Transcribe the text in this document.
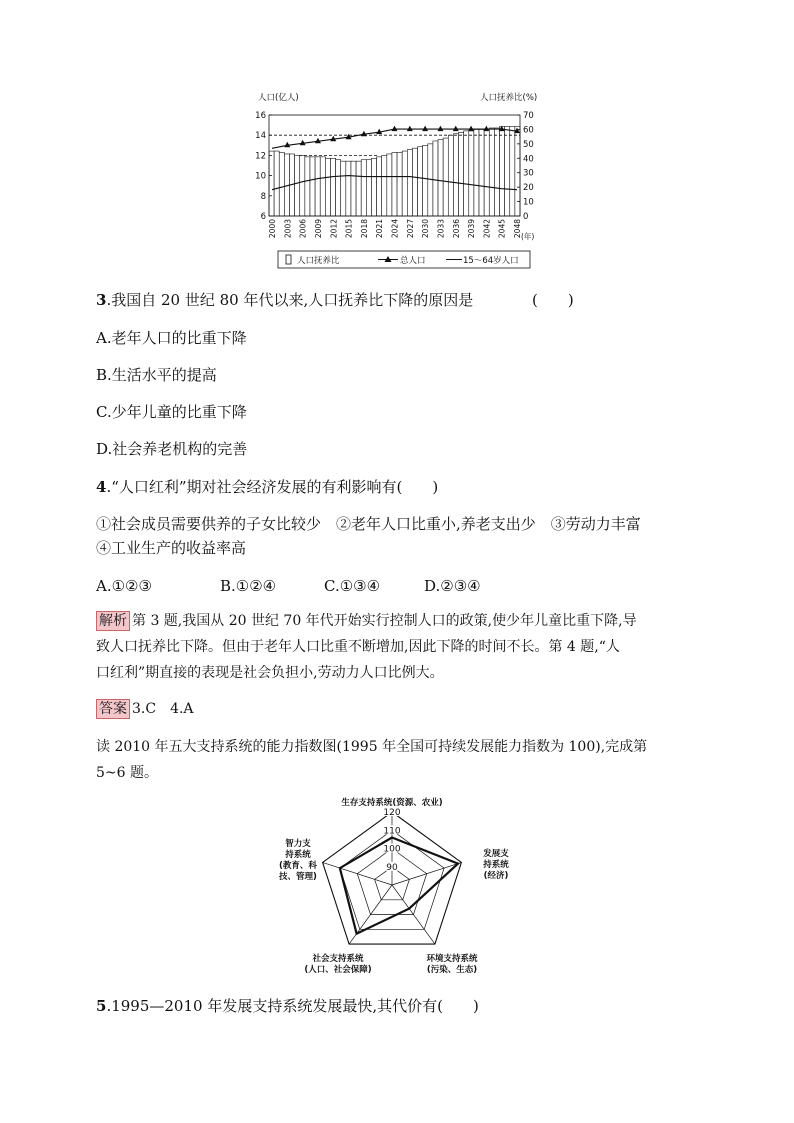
人口(亿人)	人口抚养比(%)
6
8
10
12
14
16
0
10
20
30
40
50
60
70
2000 2003 2006 2009 2012 2015 2018 2021 2024 2027 2030 2033 2036 2039 2042 2045 2048 (年)
人口抚养比	总人口	15～64岁人口
3.我国自 20 世纪 80 年代以来,人口抚养比下降的原因是	(　　)
A.老年人口的比重下降
B.生活水平的提高
C.少年儿童的比重下降
D.社会养老机构的完善
4.“人口红利”期对社会经济发展的有利影响有(　　)
①社会成员需要供养的子女比较少　②老年人口比重小,养老支出少　③劳动力丰富
④工业生产的收益率高
A.①②③	B.①②④	C.①③④	D.②③④
解析 第 3 题,我国从 20 世纪 70 年代开始实行控制人口的政策,使少年儿童比重下降,导
致人口抚养比下降。但由于老年人口比重不断增加,因此下降的时间不长。第 4 题,“人
口红利”期直接的表现是社会负担小,劳动力人口比例大。
答案 3.C　4.A
读 2010 年五大支持系统的能力指数图(1995 年全国可持续发展能力指数为 100),完成第
5~6 题。
120
110
100
90
生存支持系统(资源、农业)
发展支持系统(经济)
环境支持系统(污染、生态)
社会支持系统(人口、社会保障)
智力支持系统(教育、科技、管理)
5.1995—2010 年发展支持系统发展最快,其代价有(　　)
